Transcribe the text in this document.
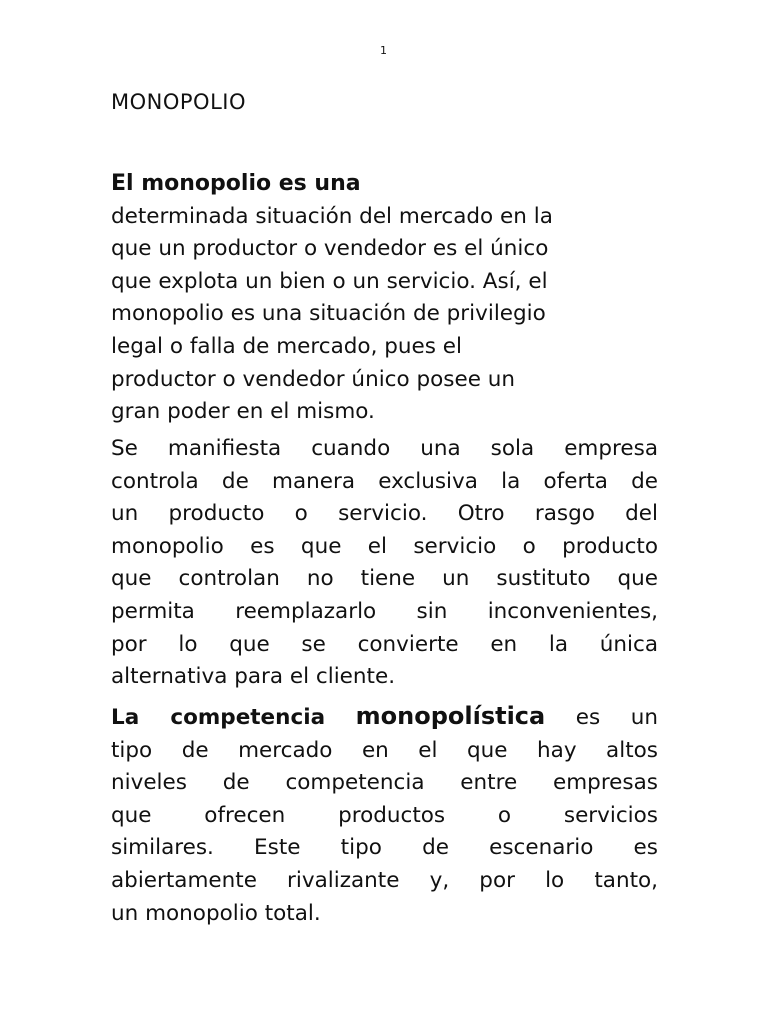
1
MONOPOLIO
El monopolio es una
determinada situación del mercado en la
que un productor o vendedor es el único
que explota un bien o un servicio. Así, el
monopolio es una situación de privilegio
legal o falla de mercado, pues el
productor o vendedor único posee un
gran poder en el mismo.
Se manifiesta cuando una sola empresa
controla de manera exclusiva la oferta de
un producto o servicio. Otro rasgo del
monopolio es que el servicio o producto
que controlan no tiene un sustituto que
permita reemplazarlo sin inconvenientes,
por lo que se convierte en la única
alternativa para el cliente.
La competencia monopolística es un
tipo de mercado en el que hay altos
niveles de competencia entre empresas
que ofrecen productos o servicios
similares. Este tipo de escenario es
abiertamente rivalizante y, por lo tanto,
un monopolio total.
